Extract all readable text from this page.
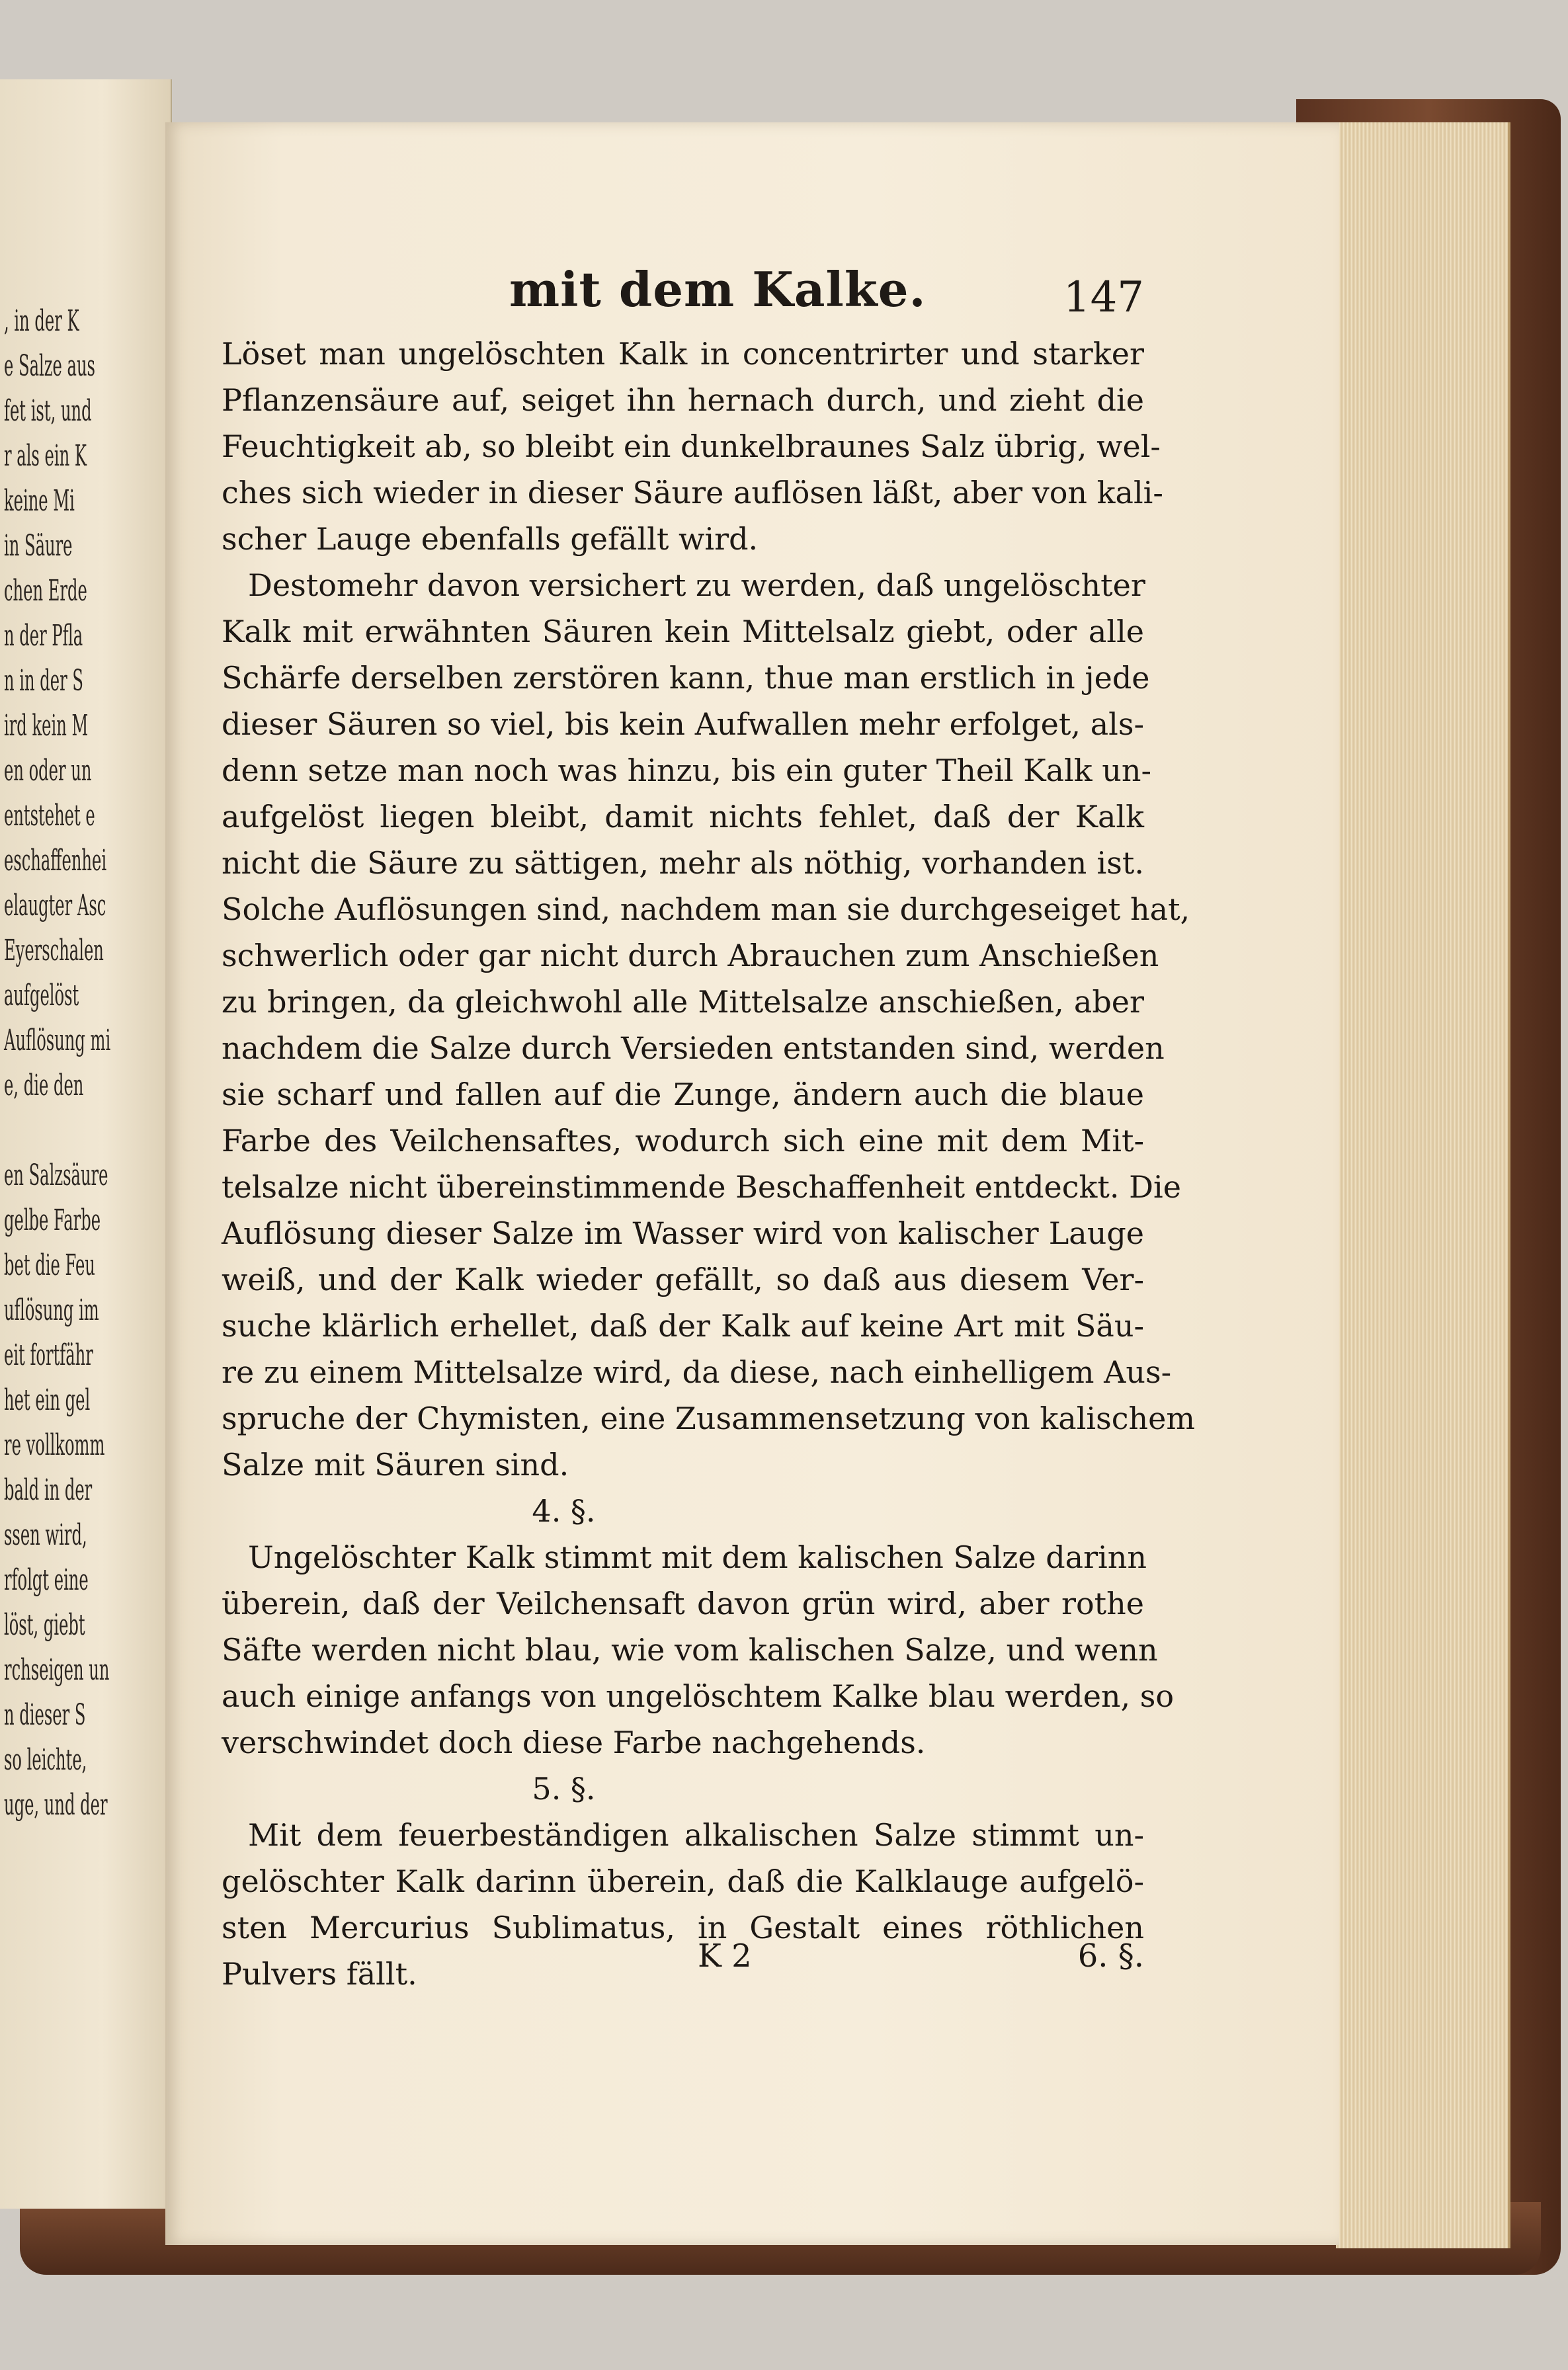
, in der K
e Salze aus
fet ist, und
r als ein K
keine Mi
in Säure
chen Erde
n der Pfla
n in der S
ird kein M
en oder un
entstehet e
eschaffenhei
elaugter Asc
Eyerschalen
aufgelöst
Auflösung mi
e, die den
en Salzsäure
gelbe Farbe
bet die Feu
uflösung im
eit fortfähr
het ein gel
re vollkomm
bald in der
ssen wird,
rfolgt eine
löst, giebt
rchseigen un
n dieser S
so leichte,
uge, und der
mit dem Kalke.	147
Löset man ungelöschten Kalk in concentrirter und starker
Pflanzensäure auf, seiget ihn hernach durch, und zieht die
Feuchtigkeit ab, so bleibt ein dunkelbraunes Salz übrig, wel-
ches sich wieder in dieser Säure auflösen läßt, aber von kali-
scher Lauge ebenfalls gefällt wird.
Destomehr davon versichert zu werden, daß ungelöschter
Kalk mit erwähnten Säuren kein Mittelsalz giebt, oder alle
Schärfe derselben zerstören kann, thue man erstlich in jede
dieser Säuren so viel, bis kein Aufwallen mehr erfolget, als-
denn setze man noch was hinzu, bis ein guter Theil Kalk un-
aufgelöst liegen bleibt, damit nichts fehlet, daß der Kalk
nicht die Säure zu sättigen, mehr als nöthig, vorhanden ist.
Solche Auflösungen sind, nachdem man sie durchgeseiget hat,
schwerlich oder gar nicht durch Abrauchen zum Anschießen
zu bringen, da gleichwohl alle Mittelsalze anschießen, aber
nachdem die Salze durch Versieden entstanden sind, werden
sie scharf und fallen auf die Zunge, ändern auch die blaue
Farbe des Veilchensaftes, wodurch sich eine mit dem Mit-
telsalze nicht übereinstimmende Beschaffenheit entdeckt. Die
Auflösung dieser Salze im Wasser wird von kalischer Lauge
weiß, und der Kalk wieder gefällt, so daß aus diesem Ver-
suche klärlich erhellet, daß der Kalk auf keine Art mit Säu-
re zu einem Mittelsalze wird, da diese, nach einhelligem Aus-
spruche der Chymisten, eine Zusammensetzung von kalischem
Salze mit Säuren sind.
4. §.
Ungelöschter Kalk stimmt mit dem kalischen Salze darinn
überein, daß der Veilchensaft davon grün wird, aber rothe
Säfte werden nicht blau, wie vom kalischen Salze, und wenn
auch einige anfangs von ungelöschtem Kalke blau werden, so
verschwindet doch diese Farbe nachgehends.
5. §.
Mit dem feuerbeständigen alkalischen Salze stimmt un-
gelöschter Kalk darinn überein, daß die Kalklauge aufgelö-
sten Mercurius Sublimatus, in Gestalt eines röthlichen
Pulvers fällt.	K 2	6. §.
